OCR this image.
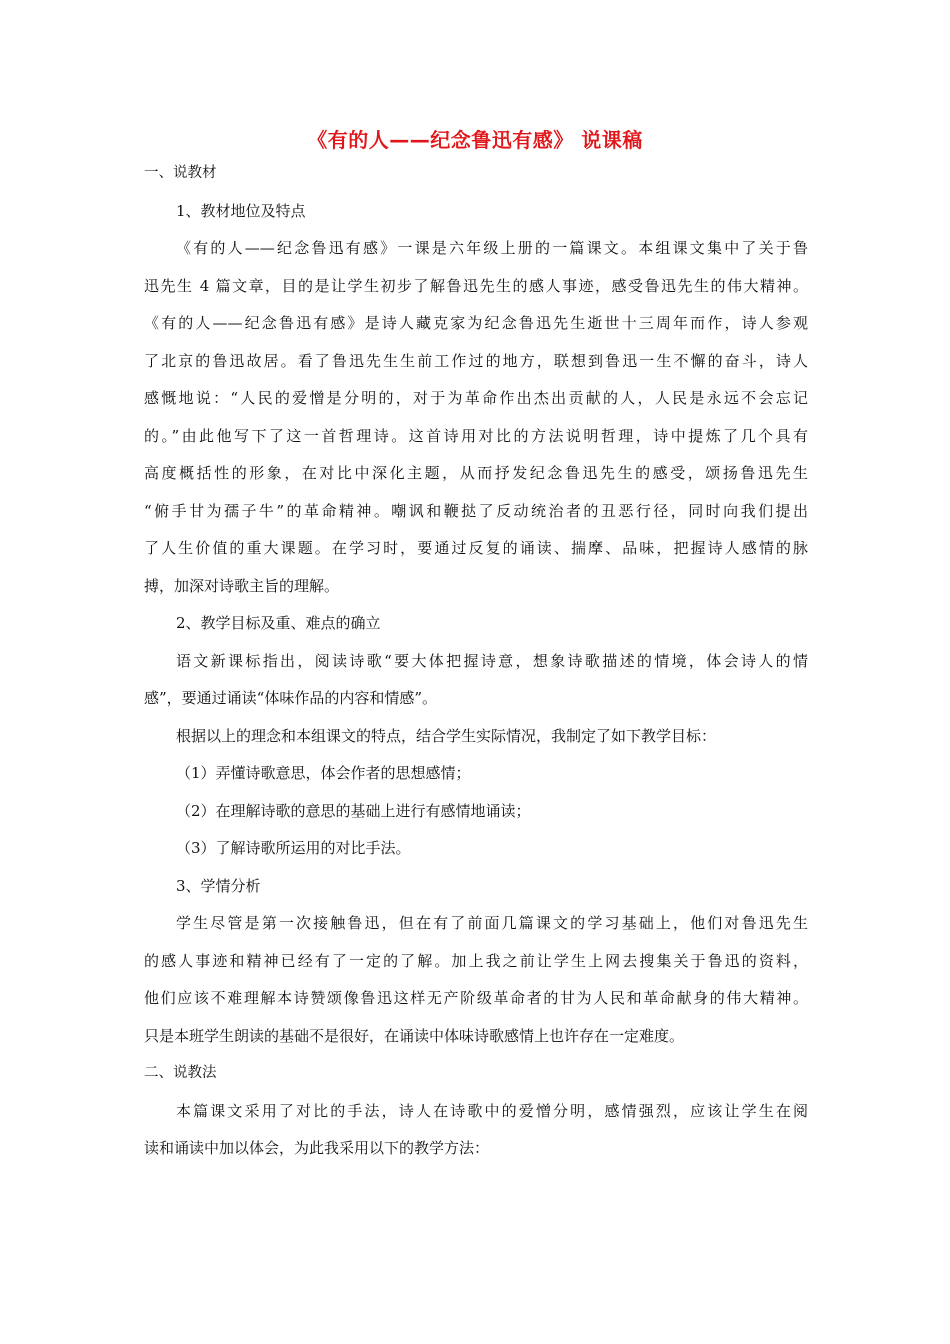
《有的人——纪念鲁迅有感》 说课稿
一、说教材
1、教材地位及特点
《有的人——纪念鲁迅有感》一课是六年级上册的一篇课文。本组课文集中了关于鲁
迅先生 4 篇文章，目的是让学生初步了解鲁迅先生的感人事迹，感受鲁迅先生的伟大精神。
《有的人——纪念鲁迅有感》是诗人藏克家为纪念鲁迅先生逝世十三周年而作，诗人参观
了北京的鲁迅故居。看了鲁迅先生生前工作过的地方，联想到鲁迅一生不懈的奋斗，诗人
感慨地说：“人民的爱憎是分明的，对于为革命作出杰出贡献的人，人民是永远不会忘记
的。”由此他写下了这一首哲理诗。这首诗用对比的方法说明哲理，诗中提炼了几个具有
高度概括性的形象，在对比中深化主题，从而抒发纪念鲁迅先生的感受，颂扬鲁迅先生
“俯手甘为孺子牛”的革命精神。嘲讽和鞭挞了反动统治者的丑恶行径，同时向我们提出
了人生价值的重大课题。在学习时，要通过反复的诵读、揣摩、品味，把握诗人感情的脉
搏，加深对诗歌主旨的理解。
2、教学目标及重、难点的确立
语文新课标指出，阅读诗歌“要大体把握诗意，想象诗歌描述的情境，体会诗人的情
感”，要通过诵读“体味作品的内容和情感”。
根据以上的理念和本组课文的特点，结合学生实际情况，我制定了如下教学目标：
（1）弄懂诗歌意思，体会作者的思想感情；
（2）在理解诗歌的意思的基础上进行有感情地诵读；
（3）了解诗歌所运用的对比手法。
3、学情分析
学生尽管是第一次接触鲁迅，但在有了前面几篇课文的学习基础上，他们对鲁迅先生
的感人事迹和精神已经有了一定的了解。加上我之前让学生上网去搜集关于鲁迅的资料，
他们应该不难理解本诗赞颂像鲁迅这样无产阶级革命者的甘为人民和革命献身的伟大精神。
只是本班学生朗读的基础不是很好，在诵读中体味诗歌感情上也许存在一定难度。
二、说教法
本篇课文采用了对比的手法，诗人在诗歌中的爱憎分明，感情强烈，应该让学生在阅
读和诵读中加以体会，为此我采用以下的教学方法：
